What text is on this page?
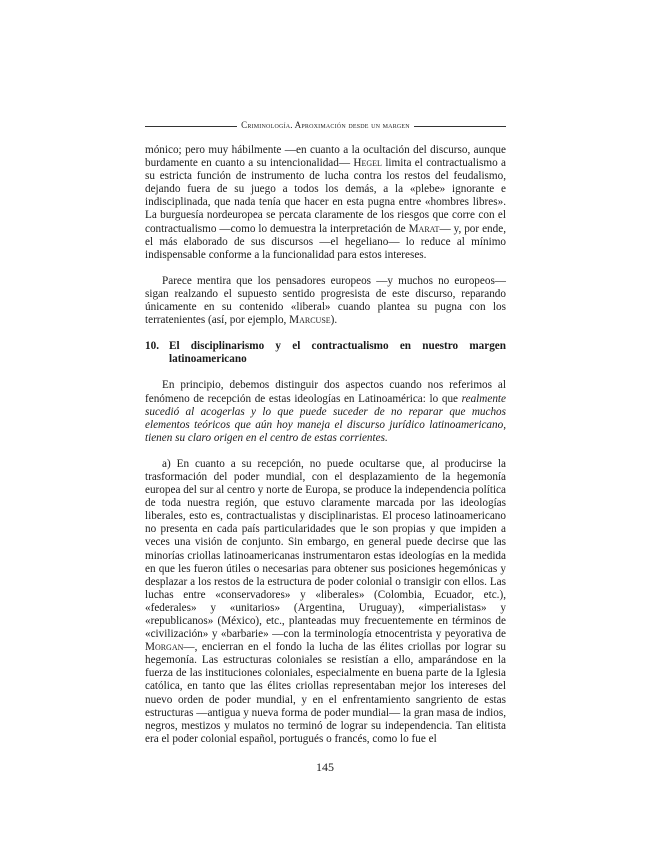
Criminología. Aproximación desde un margen

mónico; pero muy hábilmente —en cuanto a la ocultación del discurso, aunque burdamente en cuanto a su intencionalidad— Hegel limita el contractualismo a su estricta función de instrumento de lucha contra los restos del feudalismo, dejando fuera de su juego a todos los demás, a la «plebe» ignorante e indisciplinada, que nada tenía que hacer en esta pugna entre «hombres libres». La burguesía nordeuropea se percata claramente de los riesgos que corre con el contractualismo —como lo demuestra la interpretación de Marat— y, por ende, el más elaborado de sus discursos —el hegeliano— lo reduce al mínimo indispensable conforme a la funcionalidad para estos intereses.

Parece mentira que los pensadores europeos —y muchos no europeos— sigan realzando el supuesto sentido progresista de este discurso, reparando únicamente en su contenido «liberal» cuando plantea su pugna con los terratenientes (así, por ejemplo, Marcuse).

10. El disciplinarismo y el contractualismo en nuestro margen latinoamericano

En principio, debemos distinguir dos aspectos cuando nos referimos al fenómeno de recepción de estas ideologías en Latinoamérica: lo que realmente sucedió al acogerlas y lo que puede suceder de no reparar que muchos elementos teóricos que aún hoy maneja el discurso jurídico latinoamericano, tienen su claro origen en el centro de estas corrientes.

a) En cuanto a su recepción, no puede ocultarse que, al producirse la trasformación del poder mundial, con el desplazamiento de la hegemonía europea del sur al centro y norte de Europa, se produce la independencia política de toda nuestra región, que estuvo claramente marcada por las ideologías liberales, esto es, contractualistas y disciplinaristas. El proceso latinoamericano no presenta en cada país particularidades que le son propias y que impiden a veces una visión de conjunto. Sin embargo, en general puede decirse que las minorías criollas latinoamericanas instrumentaron estas ideologías en la medida en que les fueron útiles o necesarias para obtener sus posiciones hegemónicas y desplazar a los restos de la estructura de poder colonial o transigir con ellos. Las luchas entre «conservadores» y «liberales» (Colombia, Ecuador, etc.), «federales» y «unitarios» (Argentina, Uruguay), «imperialistas» y «republicanos» (México), etc., planteadas muy frecuentemente en términos de «civilización» y «barbarie» —con la terminología etnocentrista y peyorativa de Morgan—, encierran en el fondo la lucha de las élites criollas por lograr su hegemonía. Las estructuras coloniales se resistían a ello, amparándose en la fuerza de las instituciones coloniales, especialmente en buena parte de la Iglesia católica, en tanto que las élites criollas representaban mejor los intereses del nuevo orden de poder mundial, y en el enfrentamiento sangriento de estas estructuras —antigua y nueva forma de poder mundial— la gran masa de indios, negros, mestizos y mulatos no terminó de lograr su independencia. Tan elitista era el poder colonial español, portugués o francés, como lo fue el

145
